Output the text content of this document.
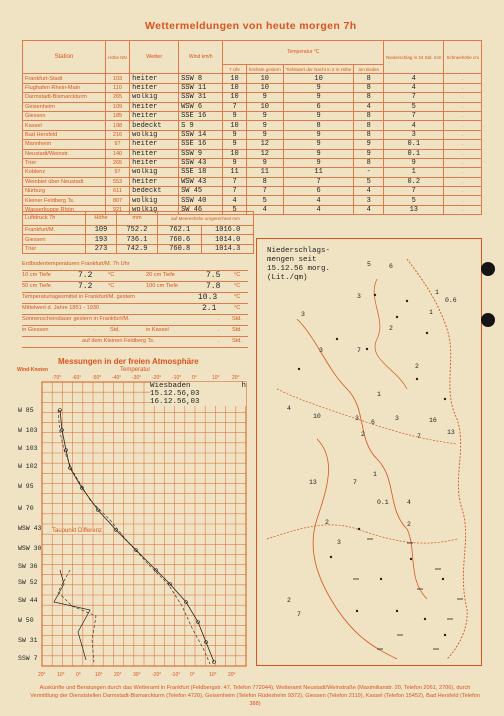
Wettermeldungen von heute morgen 7h
Station	Höhe NN	Wetter	Wind km/h	Temperatur °C				Niederschlag in 24 Std. mm	Schneehöhe cm
				7 Uhr	höchste gestern	Tiefstwert der Nacht in 2 m Höhe	am Boden		
Frankfurt-Stadt	103	heiter	SSW 8	10	10	10	8	4	.
Flughafen Rhein-Main	110	heiter	SSW 11	10	10	9	8	4	.
Darmstadt-Bismarckturm	265	wolkig	SSW 31	10	9	9	8	7	.
Geisenheim	109	heiter	WSW 6	7	10	6	4	5	.
Giessen	185	heiter	SSE 16	9	9	9	8	7	.
Kassel	198	bedeckt	S 9	10	9	8	8	4	.
Bad Hersfeld	216	wolkig	SSW 14	9	9	9	8	3	.
Mannheim	97	heiter	SSE 16	9	12	9	9	0.1	.
Neustadt/Weinstr.	140	heiter	SSW 9	10	12	9	9	0.1	.
Trier	265	heiter	SSW 43	9	9	9	8	9	.
Koblenz	97	wolkig	SSE 18	11	11	11	-	1	.
Weinbiet über Neustadt	553	heiter	WSW 43	7	8	7	5	0.2	.
Nürburg	611	bedeckt	SW 45	7	7	6	4	7	.
Kleiner Feldberg Ts.	807	wolkig	SSW 40	4	5	4	3	5	.
Wasserkuppe Rhön	921	wolkig	SW 46	5	4	4	4	13	.
Luftdruck 7h	Höhe	mm	auf Meereshöhe umgerechnet mm	

Frankfurt/M.	109	752.2	762.1	1016.0
Giessen	193	736.1	760.6	1014.0
Trier	273	742.9	760.8	1014.3
Erdbodentemperaturen Frankfurt/M. 7h Uhr
10 cm Tiefe	7.2	°C	20 cm Tiefe	7.5 °C
50 cm Tiefe	7.2	°C	100 cm Tiefe	7.8 °C
Temperaturtagesmittel in Frankfurt/M. gestern	10.3	°C
Mittelwert d. Jahre 1851 - 1930	2.1	°C
Sonnenscheindauer gestern in Frankfurt/M.	. Std.
in Giessen	.	Std.	in Kassel	. Std.
auf dem Kleinen Feldberg Ts.	. Std.
Messungen in der freien Atmosphäre
Wind-Knoten	Temperatur
-70° -60° -50° -40° -30° -20° -10° 0°	10° 20°
20° 10° 0°	10° 20° 30° -20° -10° 0°	10° 20°
W 85
W 103
W 103
W 102
W 95
W 70
WSW 43
WSW 30
SW 36
SW 52
SW 44
W 50
SW 31
SSW 7
Wiesbaden	h
15.12.56,03
16.12.56,03
Taupunkt Differenz
Niederschlags-
mengen seit
15.12.56 morg.
(Lit./qm)
5	6
3
1
0.6
1
3
3	7
2
2
1
4
10	3	3	16
6
13
7
1
13	7
0.1	4
2	2
3
2
7
2
Auskünfte und Beratungen durch das Wetteramt in Frankfurt (Feldbergstr. 47, Telefon 772044), Wetteramt Neustadt/Weinstraße (Maximilianstr. 20, Telefon 2061, 2706), durch Vermittlung der Dienststellen Darmstadt-Bismarckturm (Telefon 4720), Geisenheim (Telefon Rüdesheim 9372), Giessen (Telefon 2119), Kassel (Telefon 15452), Bad Hersfeld (Telefon 388)
